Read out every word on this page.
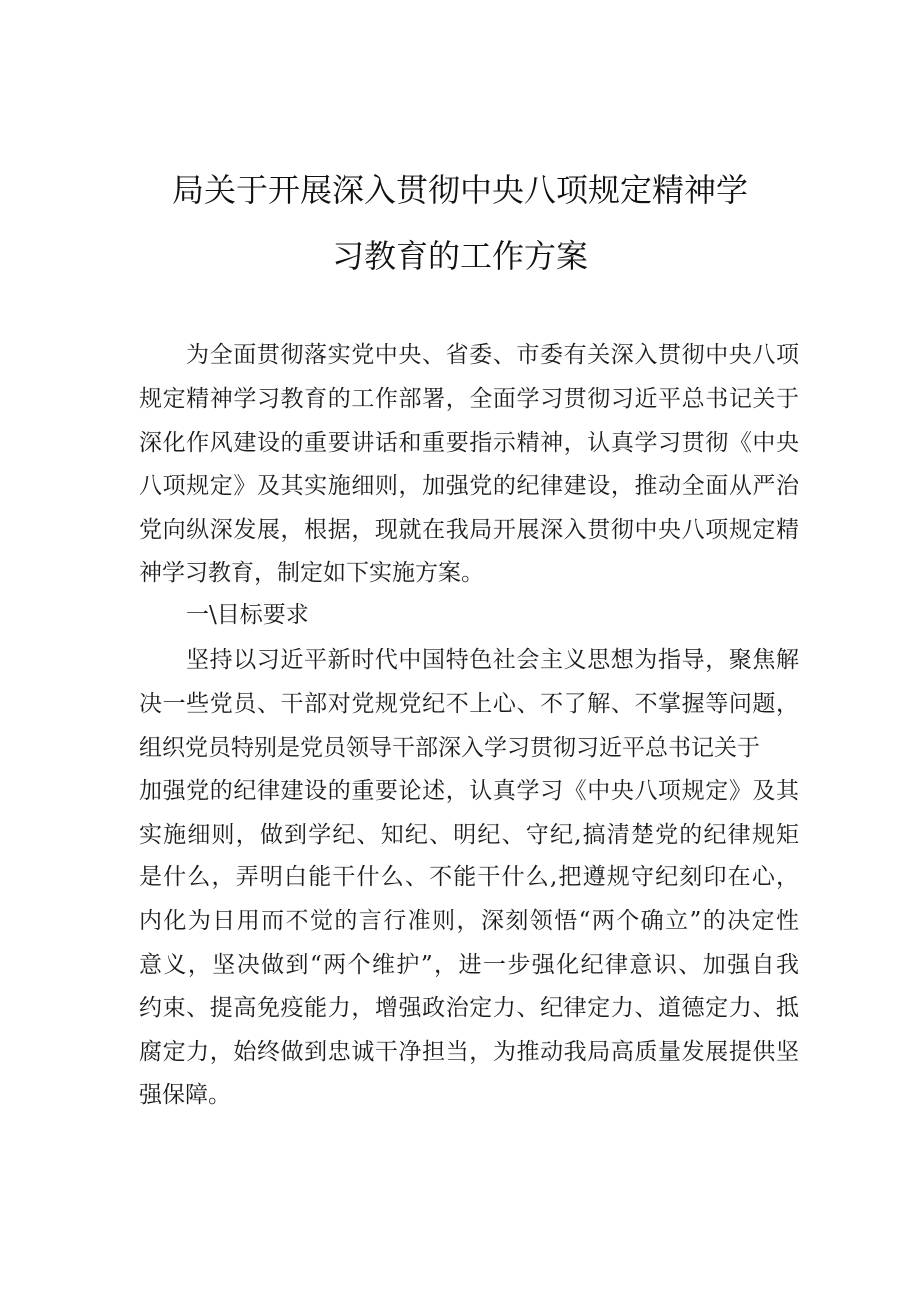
局关于开展深入贯彻中央八项规定精神学
习教育的工作方案
为全面贯彻落实党中央、省委、市委有关深入贯彻中央八项
规定精神学习教育的工作部署，全面学习贯彻习近平总书记关于
深化作风建设的重要讲话和重要指示精神，认真学习贯彻《中央
八项规定》及其实施细则，加强党的纪律建设，推动全面从严治
党向纵深发展，根据，现就在我局开展深入贯彻中央八项规定精
神学习教育，制定如下实施方案。
一\目标要求
坚持以习近平新时代中国特色社会主义思想为指导，聚焦解
决一些党员、干部对党规党纪不上心、不了解、不掌握等问题，
组织党员特别是党员领导干部深入学习贯彻习近平总书记关于
加强党的纪律建设的重要论述，认真学习《中央八项规定》及其
实施细则，做到学纪、知纪、明纪、守纪,搞清楚党的纪律规矩
是什么，弄明白能干什么、不能干什么,把遵规守纪刻印在心，
内化为日用而不觉的言行准则，深刻领悟“两个确立”的决定性
意义，坚决做到“两个维护”，进一步强化纪律意识、加强自我
约束、提高免疫能力，增强政治定力、纪律定力、道德定力、抵
腐定力，始终做到忠诚干净担当，为推动我局高质量发展提供坚
强保障。
